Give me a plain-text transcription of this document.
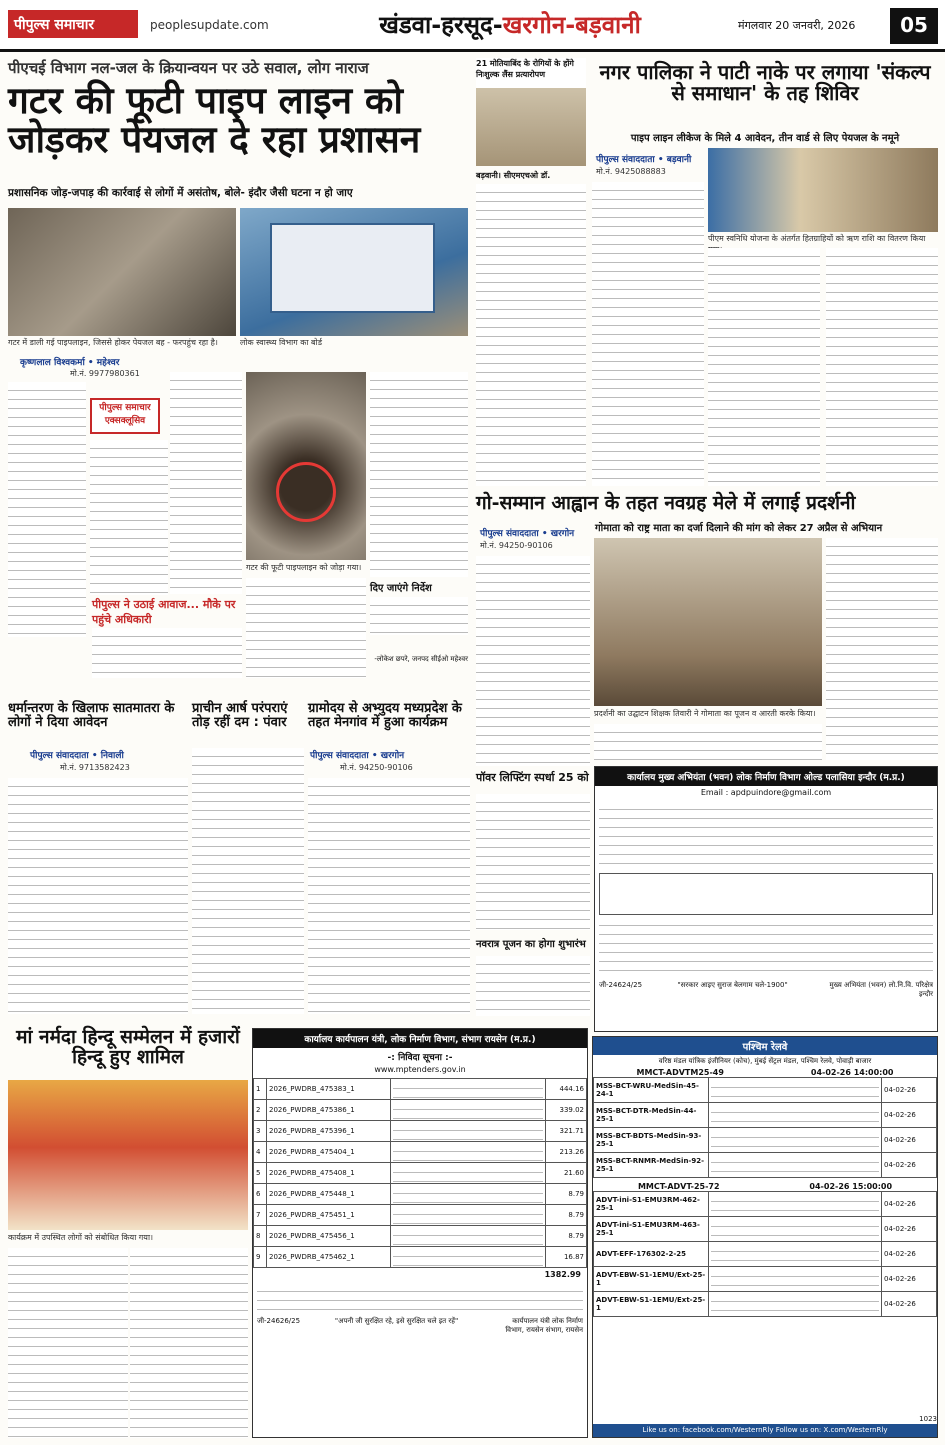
पीपुल्स समाचार	peoplesupdate.com	खंडवा-हरसूद-खरगोन-बड़वानी	मंगलवार 20 जनवरी, 2026	05
पीएचई विभाग नल-जल के क्रियान्वयन पर उठे सवाल, लोग नाराज
गटर की फूटी पाइप लाइन को जोड़कर पेयजल दे रहा प्रशासन
प्रशासनिक जोड़-जपाड़ की कार्रवाई से लोगों में असंतोष, बोले- इंदौर जैसी घटना न हो जाए
गटर में डाली गई पाइपलाइन, जिससे होकर पेयजल बह - फरपहुंच रहा है।	लोक स्वास्थ्य विभाग का बोर्ड
कृष्णलाल विश्वकर्मा • महेश्वर
मो.नं. 9977980361
पीपुल्स समाचार एक्सक्लूसिव
पीपुल्स ने उठाई आवाज... मौके पर पहुंचे अधिकारी
गटर की फूटी पाइपलाइन को जोड़ा गया।
दिए जाएंगे निर्देश
-लोकेश छपरे, जनपद सीईओ महेश्वर
21 मोतियाबिंद के रोगियों के होंगे निःशुल्क लैंस प्रत्यारोपण
बड़वानी। सीएमएचओ डॉ.
नगर पालिका ने पाटी नाके पर लगाया 'संकल्प से समाधान' के तह शिविर
पाइप लाइन लीकेज के मिले 4 आवेदन, तीन वार्ड से लिए पेयजल के नमूने
पीपुल्स संवाददाता • बड़वानी
मो.नं. 9425088883
पीएम स्वनिधि योजना के अंतर्गत हितग्राहियों को ऋण राशि का वितरण किया
गो-सम्मान आह्वान के तहत नवग्रह मेले में लगाई प्रदर्शनी
गोमाता को राष्ट्र माता का दर्जा दिलाने की मांग को लेकर 27 अप्रैल से अभियान
पीपुल्स संवाददाता • खरगोन
मो.नं. 94250-90106
प्रदर्शनी का उद्घाटन शिक्षक तिवारी ने गोमाता का पूजन व आरती करके किया।
पॉवर लिफ्टिंग स्पर्धा 25 को
नवरात्र पूजन का होगा शुभारंभ
कार्यालय मुख्य अभियंता (भवन) लोक निर्माण विभाग ओल्ड पलासिया इन्दौर (म.प्र.)
Email : apdpuindore@gmail.com
जी-24624/25	"सरकार आइए सुराज बेलगाम चले-1900"	मुख्य अभियंता (भवन) लो.नि.वि. परिक्षेत्र इन्दौर
धर्मान्तरण के खिलाफ सातमातरा के लोगों ने दिया आवेदन
पीपुल्स संवाददाता • निवाली
मो.नं. 9713582423
प्राचीन आर्ष परंपराएं तोड़ रहीं दम : पंवार
ग्रामोदय से अभ्युदय मध्यप्रदेश के तहत मेनगांव में हुआ कार्यक्रम
पीपुल्स संवाददाता • खरगोन
मो.नं. 94250-90106
मां नर्मदा हिन्दू सम्मेलन में हजारों हिन्दू हुए शामिल
कार्यक्रम में उपस्थित लोगों को संबोधित किया गया।
कार्यालय कार्यपालन यंत्री, लोक निर्माण विभाग, संभाग रायसेन (म.प्र.)
-: निविदा सूचना :-
www.mptenders.gov.in
1	2026_PWDRB_475383_1		444.16
2	2026_PWDRB_475386_1		339.02
3	2026_PWDRB_475396_1		321.71
4	2026_PWDRB_475404_1		213.26
5	2026_PWDRB_475408_1		21.60
6	2026_PWDRB_475448_1		8.79
7	2026_PWDRB_475451_1		8.79
8	2026_PWDRB_475456_1		8.79
9	2026_PWDRB_475462_1		16.87
1382.99
जी-24626/25	"अपनी जी सुरक्षित रहे, इसे सुरक्षित चले इत रहें"	कार्यपालन यंत्री लोक निर्माण विभाग, रायसेन संभाग, रायसेन
पश्चिम रेलवे
वरिष्ठ मंडल यांत्रिक इंजीनियर (कोच), मुंबई सेंट्रल मंडल, पश्चिम रेलवे, पोवाड़ी बाजार
MMCT-ADVTM25-49	04-02-26 14:00:00
MSS-BCT-WRU-MedSin-45-24-1		04-02-26
MSS-BCT-DTR-MedSin-44-25-1		04-02-26
MSS-BCT-BDTS-MedSin-93-25-1		04-02-26
MSS-BCT-RNMR-MedSin-92-25-1		04-02-26
MMCT-ADVT-25-72	04-02-26 15:00:00
ADVT-ini-S1-EMU3RM-462-25-1		04-02-26
ADVT-ini-S1-EMU3RM-463-25-1		04-02-26
ADVT-EFF-176302-2-25		04-02-26
ADVT-EBW-S1-1EMU/Ext-25-1		04-02-26
ADVT-EBW-S1-1EMU/Ext-25-1		04-02-26
1023
Like us on: facebook.com/WesternRly Follow us on: X.com/WesternRly
